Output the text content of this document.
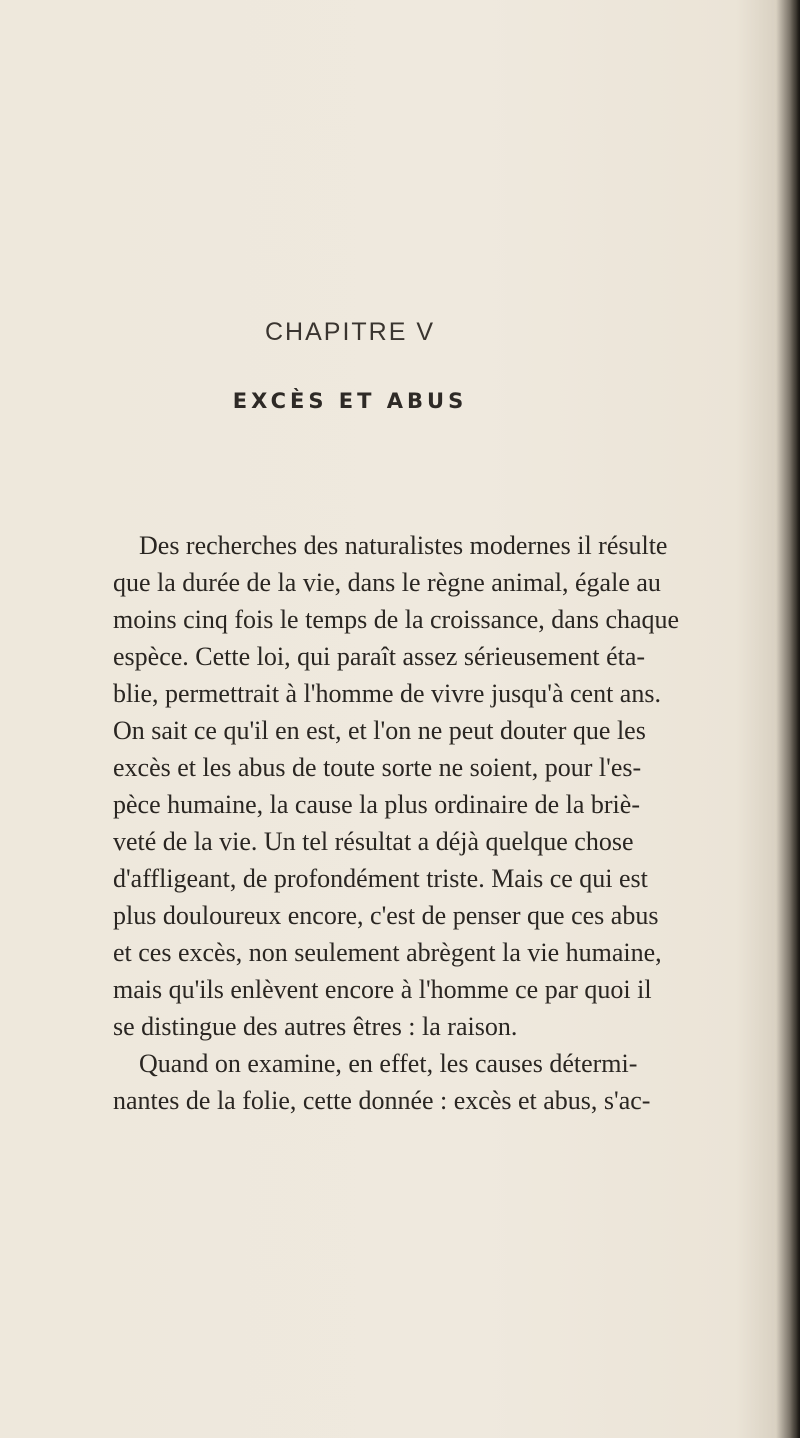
CHAPITRE V
EXCÈS ET ABUS
Des recherches des naturalistes modernes il résulte
que la durée de la vie, dans le règne animal, égale au
moins cinq fois le temps de la croissance, dans chaque
espèce. Cette loi, qui paraît assez sérieusement éta-
blie, permettrait à l'homme de vivre jusqu'à cent ans.
On sait ce qu'il en est, et l'on ne peut douter que les
excès et les abus de toute sorte ne soient, pour l'es-
pèce humaine, la cause la plus ordinaire de la briè-
veté de la vie. Un tel résultat a déjà quelque chose
d'affligeant, de profondément triste. Mais ce qui est
plus douloureux encore, c'est de penser que ces abus
et ces excès, non seulement abrègent la vie humaine,
mais qu'ils enlèvent encore à l'homme ce par quoi il
se distingue des autres êtres : la raison.
Quand on examine, en effet, les causes détermi-
nantes de la folie, cette donnée : excès et abus, s'ac-
